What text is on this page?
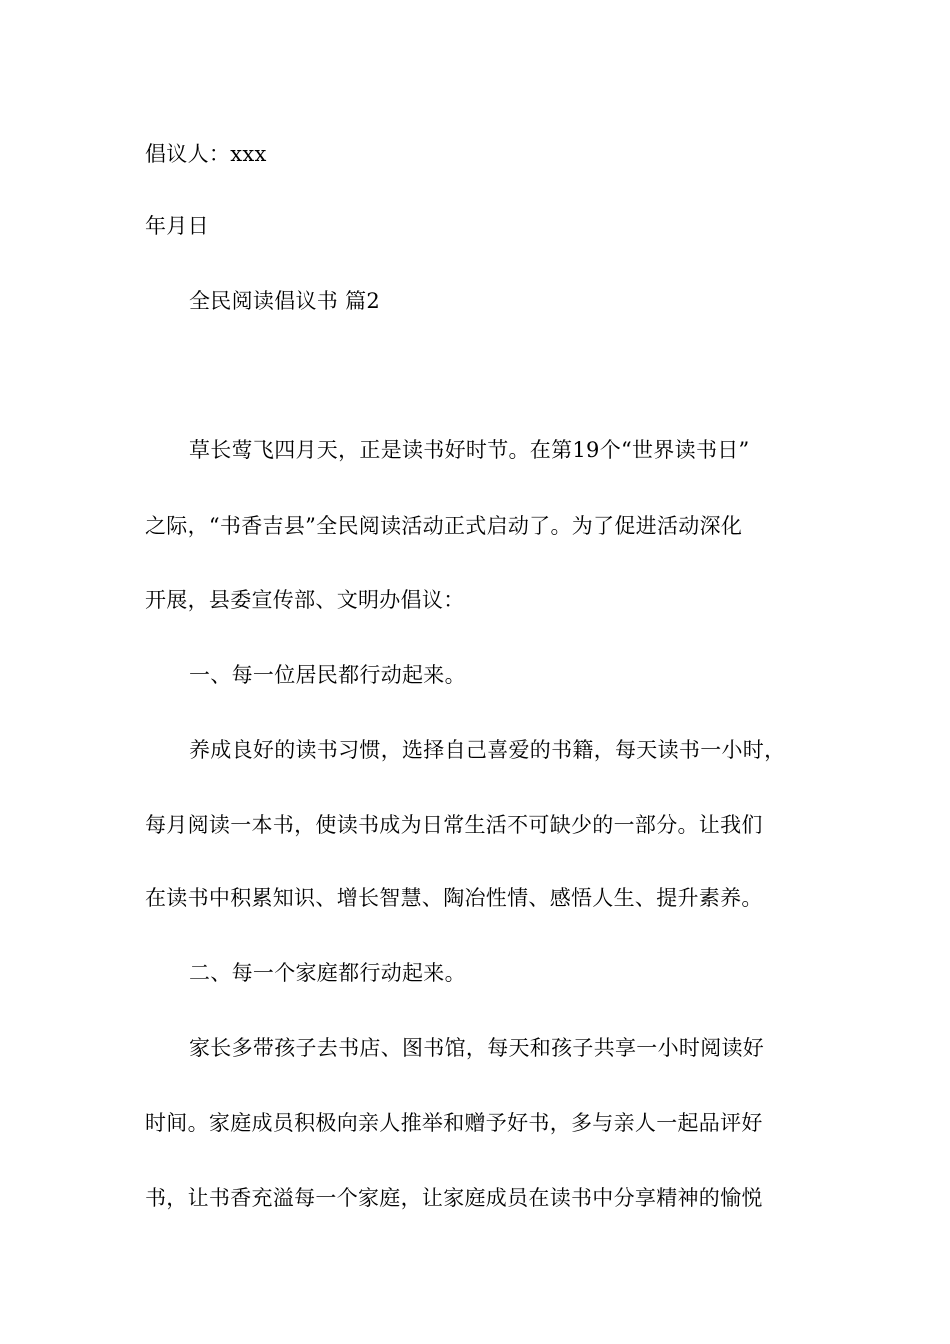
倡议人：xxx
年月日
全民阅读倡议书 篇2
草长莺飞四月天，正是读书好时节。在第19个“世界读书日”
之际，“书香吉县”全民阅读活动正式启动了。为了促进活动深化
开展，县委宣传部、文明办倡议：
一、每一位居民都行动起来。
养成良好的读书习惯，选择自己喜爱的书籍，每天读书一小时，
每月阅读一本书，使读书成为日常生活不可缺少的一部分。让我们
在读书中积累知识、增长智慧、陶冶性情、感悟人生、提升素养。
二、每一个家庭都行动起来。
家长多带孩子去书店、图书馆，每天和孩子共享一小时阅读好
时间。家庭成员积极向亲人推举和赠予好书，多与亲人一起品评好
书，让书香充溢每一个家庭，让家庭成员在读书中分享精神的愉悦
